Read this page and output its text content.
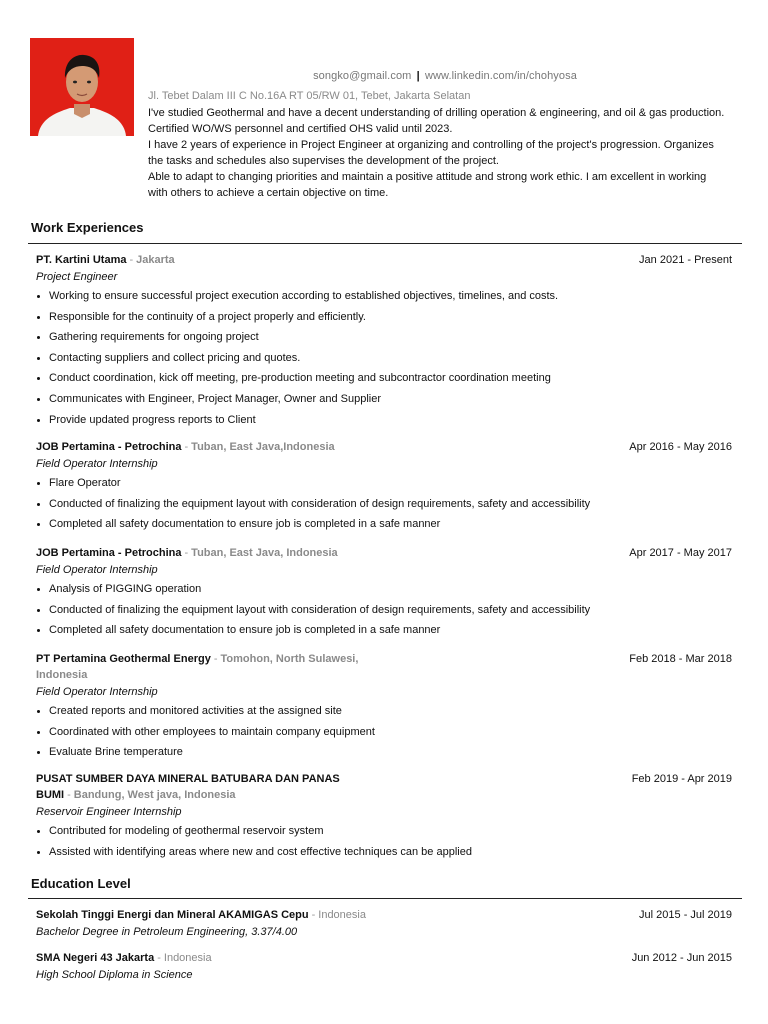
songko@gmail.com | www.linkedin.com/in/chohyosa
Jl. Tebet Dalam III C No.16A RT 05/RW 01, Tebet, Jakarta Selatan

I've studied Geothermal and have a decent understanding of drilling operation & engineering, and oil & gas production. Certified WO/WS personnel and certified OHS valid until 2023.

I have 2 years of experience in Project Engineer at organizing and controlling of the project's progression. Organizes the tasks and schedules also supervises the development of the project.

Able to adapt to changing priorities and maintain a positive attitude and strong work ethic. I am excellent in working with others to achieve a certain objective on time.

Work Experiences
PT. Kartini Utama - Jakarta	Jan 2021 - Present
Project Engineer
Working to ensure successful project execution according to established objectives, timelines, and costs.
Responsible for the continuity of a project properly and efficiently.
Gathering requirements for ongoing project
Contacting suppliers and collect pricing and quotes.
Conduct coordination, kick off meeting, pre-production meeting and subcontractor coordination meeting
Communicates with Engineer, Project Manager, Owner and Supplier
Provide updated progress reports to Client
JOB Pertamina - Petrochina - Tuban, East Java,Indonesia	Apr 2016 - May 2016
Field Operator Internship
Flare Operator
Conducted of finalizing the equipment layout with consideration of design requirements, safety and accessibility
Completed all safety documentation to ensure job is completed in a safe manner
JOB Pertamina - Petrochina - Tuban, East Java, Indonesia	Apr 2017 - May 2017
Field Operator Internship
Analysis of PIGGING operation
Conducted of finalizing the equipment layout with consideration of design requirements, safety and accessibility
Completed all safety documentation to ensure job is completed in a safe manner
PT Pertamina Geothermal Energy - Tomohon, North Sulawesi, Indonesia
Feb 2018 - Mar 2018
Field Operator Internship
Created reports and monitored activities at the assigned site
Coordinated with other employees to maintain company equipment
Evaluate Brine temperature
PUSAT SUMBER DAYA MINERAL BATUBARA DAN PANAS BUMI - Bandung, West java, Indonesia
Feb 2019 - Apr 2019
Reservoir Engineer Internship
Contributed for modeling of geothermal reservoir system
Assisted with identifying areas where new and cost effective techniques can be applied
Education Level
Sekolah Tinggi Energi dan Mineral AKAMIGAS Cepu - Indonesia	Jul 2015 - Jul 2019
Bachelor Degree in Petroleum Engineering, 3.37/4.00
SMA Negeri 43 Jakarta - Indonesia	Jun 2012 - Jun 2015
High School Diploma in Science
